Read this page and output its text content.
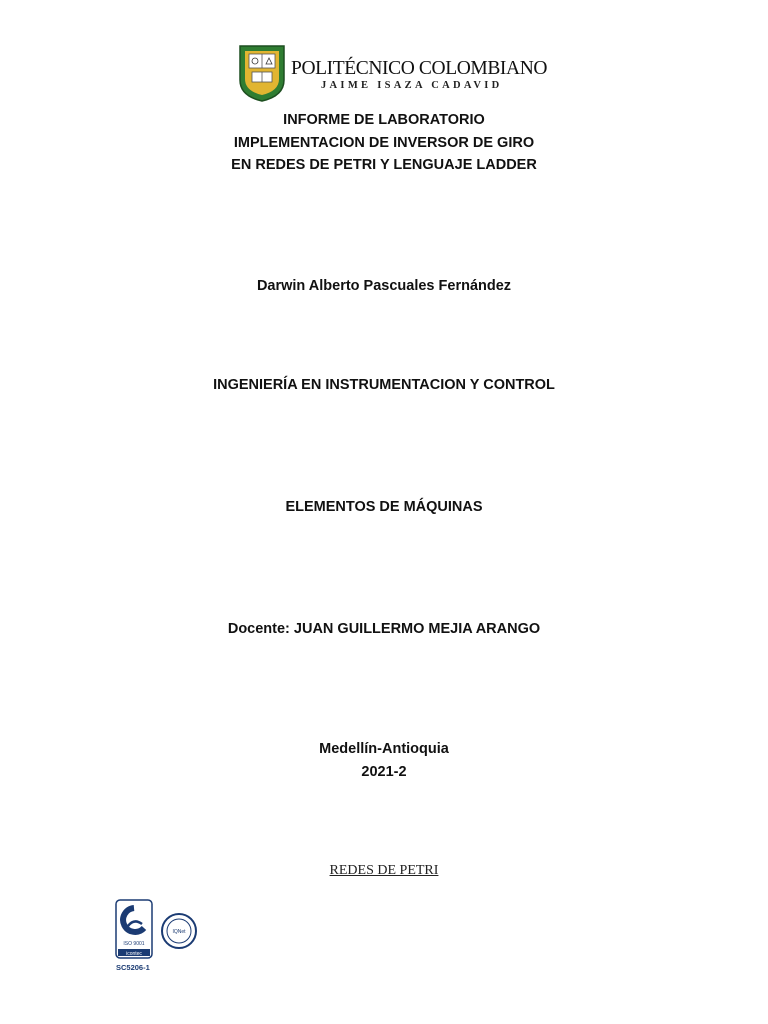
POLITÉCNICO COLOMBIANO
JAIME ISAZA CADAVID
INFORME DE LABORATORIO
IMPLEMENTACION DE INVERSOR DE GIRO
EN REDES DE PETRI Y LENGUAJE LADDER
Darwin Alberto Pascuales Fernández
INGENIERÍA EN INSTRUMENTACION Y CONTROL
ELEMENTOS DE MÁQUINAS
Docente: JUAN GUILLERMO MEJIA ARANGO
Medellín-Antioquia
2021-2
REDES DE PETRI
ISO 9001
icontec
IQNet
SC5206-1
